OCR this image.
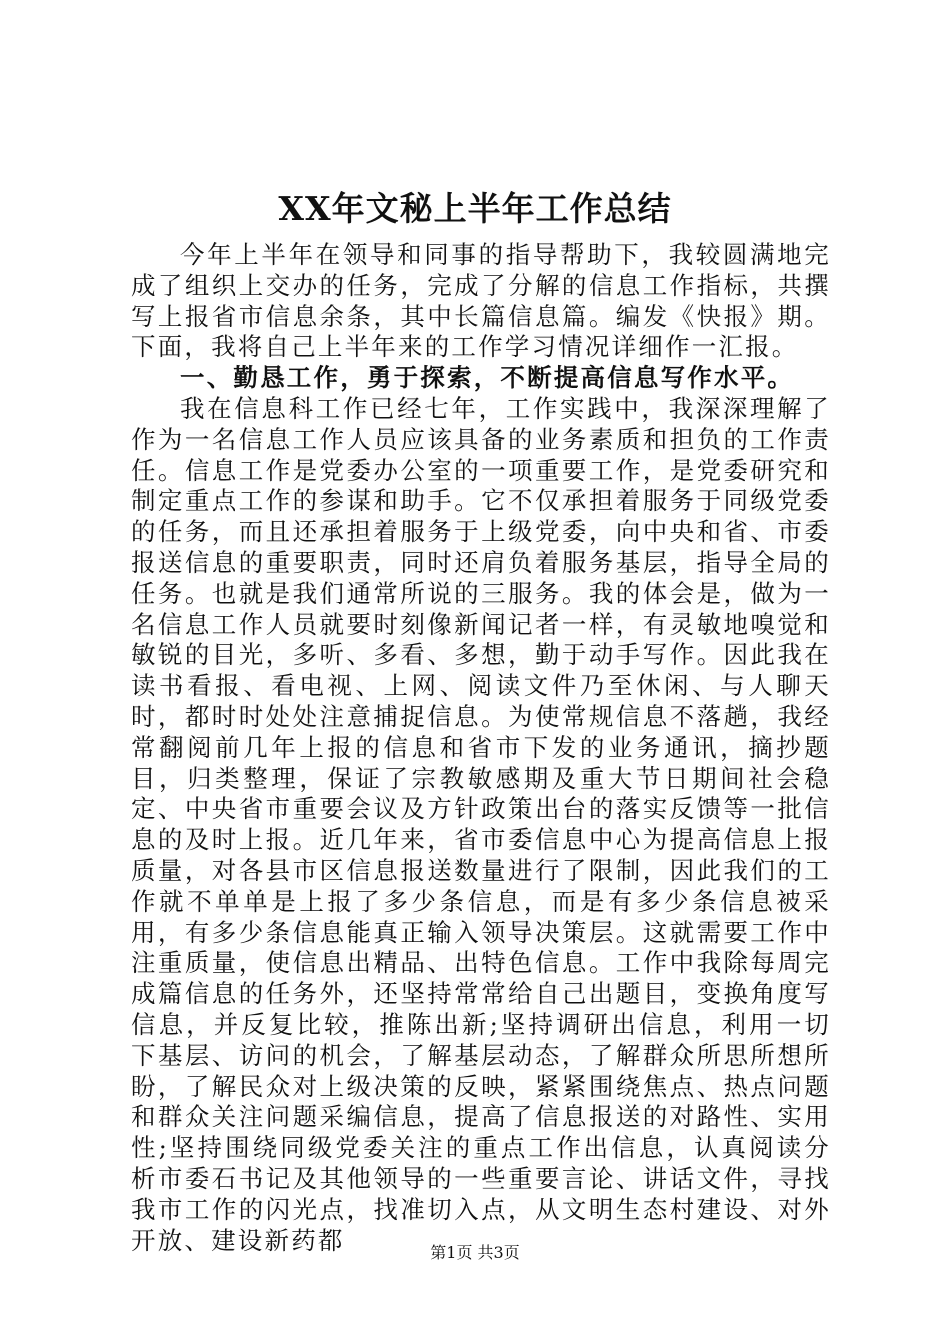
XX年文秘上半年工作总结

今年上半年在领导和同事的指导帮助下，我较圆满地完成了组织上交办的任务，完成了分解的信息工作指标，共撰写上报省市信息余条，其中长篇信息篇。编发《快报》期。下面，我将自己上半年来的工作学习情况详细作一汇报。

一、勤恳工作，勇于探索，不断提高信息写作水平。

我在信息科工作已经七年，工作实践中，我深深理解了作为一名信息工作人员应该具备的业务素质和担负的工作责任。信息工作是党委办公室的一项重要工作，是党委研究和制定重点工作的参谋和助手。它不仅承担着服务于同级党委的任务，而且还承担着服务于上级党委，向中央和省、市委报送信息的重要职责，同时还肩负着服务基层，指导全局的任务。也就是我们通常所说的三服务。我的体会是，做为一名信息工作人员就要时刻像新闻记者一样，有灵敏地嗅觉和敏锐的目光，多听、多看、多想，勤于动手写作。因此我在读书看报、看电视、上网、阅读文件乃至休闲、与人聊天时，都时时处处注意捕捉信息。为使常规信息不落趟，我经常翻阅前几年上报的信息和省市下发的业务通讯，摘抄题目，归类整理，保证了宗教敏感期及重大节日期间社会稳定、中央省市重要会议及方针政策出台的落实反馈等一批信息的及时上报。近几年来，省市委信息中心为提高信息上报质量，对各县市区信息报送数量进行了限制，因此我们的工作就不单单是上报了多少条信息，而是有多少条信息被采用，有多少条信息能真正输入领导决策层。这就需要工作中注重质量，使信息出精品、出特色信息。工作中我除每周完成篇信息的任务外，还坚持常常给自己出题目，变换角度写信息，并反复比较，推陈出新;坚持调研出信息，利用一切下基层、访问的机会，了解基层动态，了解群众所思所想所盼，了解民众对上级决策的反映，紧紧围绕焦点、热点问题和群众关注问题采编信息，提高了信息报送的对路性、实用性;坚持围绕同级党委关注的重点工作出信息，认真阅读分析市委石书记及其他领导的一些重要言论、讲话文件，寻找我市工作的闪光点，找准切入点，从文明生态村建设、对外开放、建设新药都	第1页 共3页
